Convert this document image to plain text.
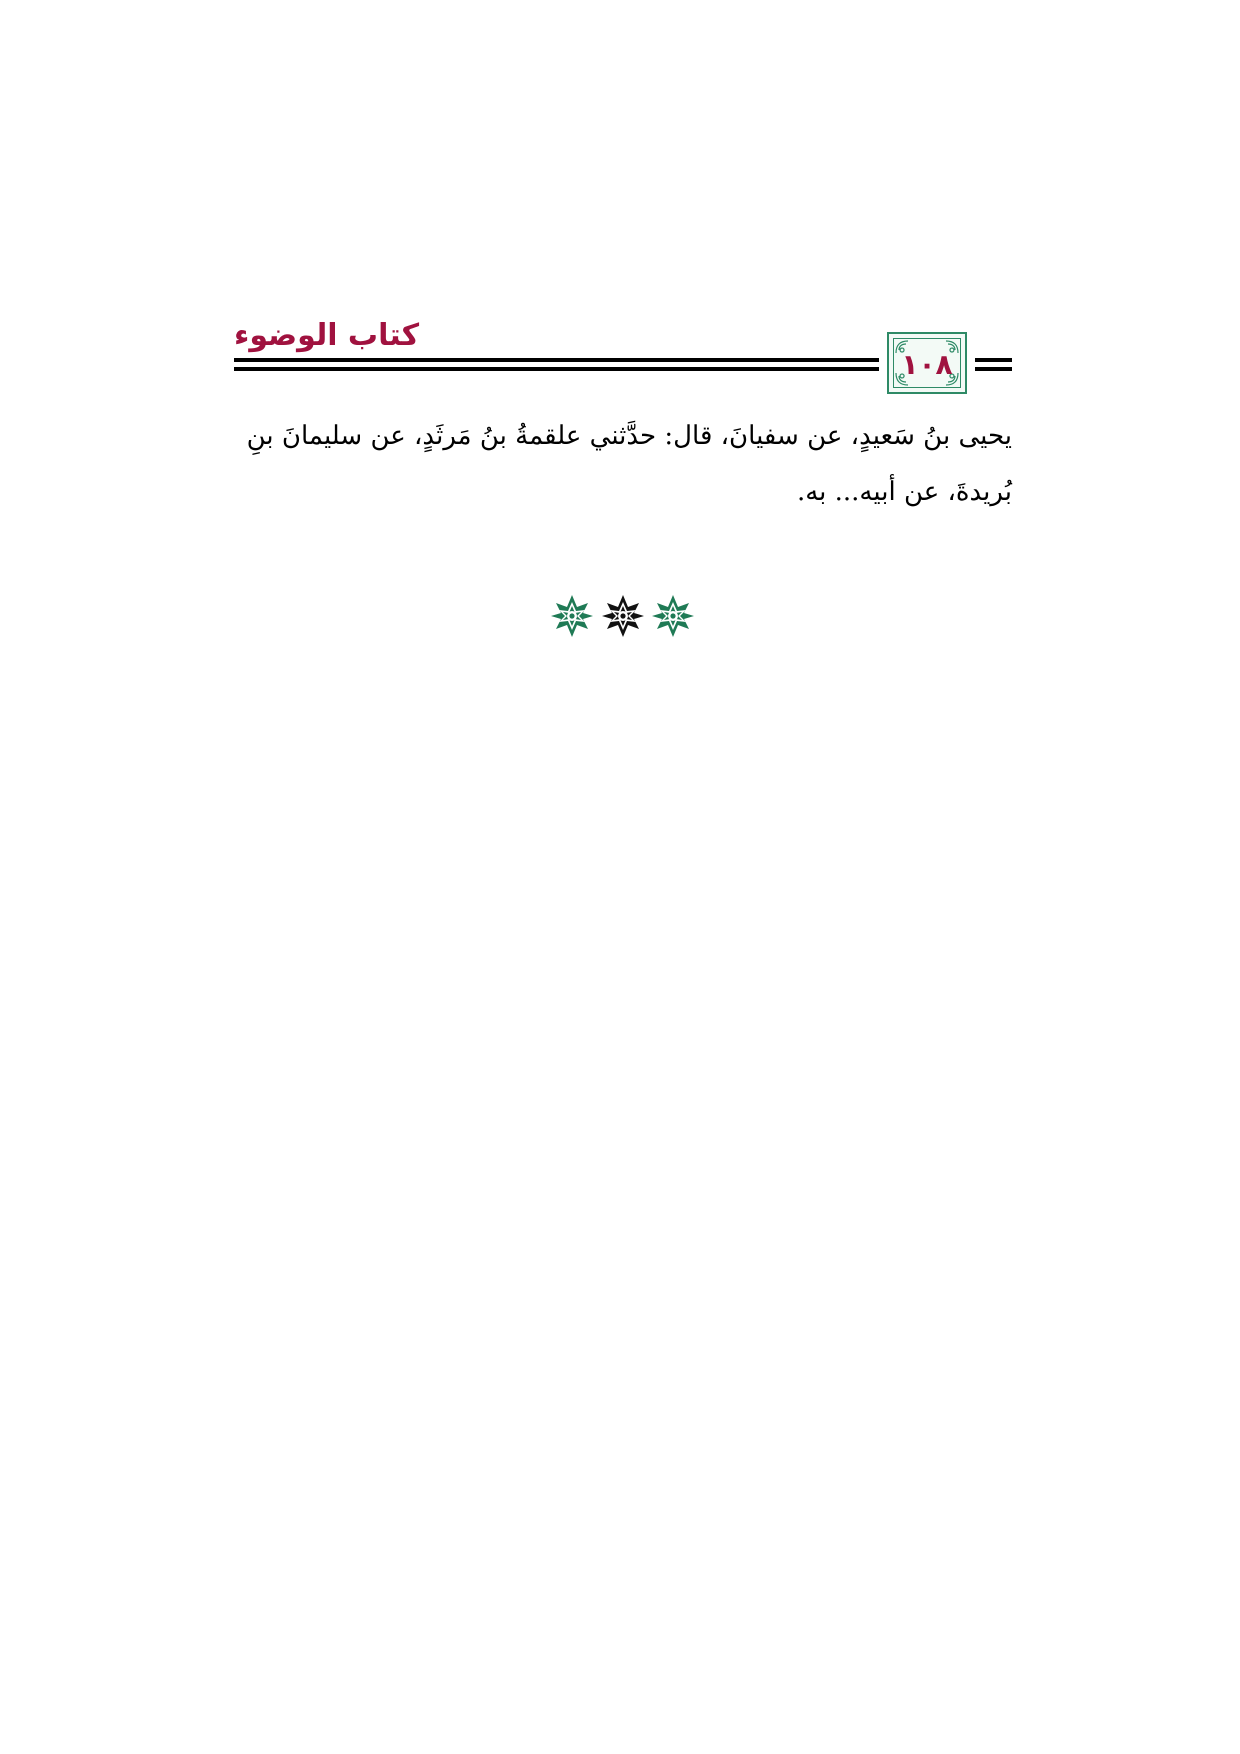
كتاب الوضوء
١٠٨
يحيى بنُ سَعيدٍ، عن سفيانَ، قال: حدَّثني علقمةُ بنُ مَرثَدٍ، عن سليمانَ بنِ
بُريدةَ، عن أبيه... به.
